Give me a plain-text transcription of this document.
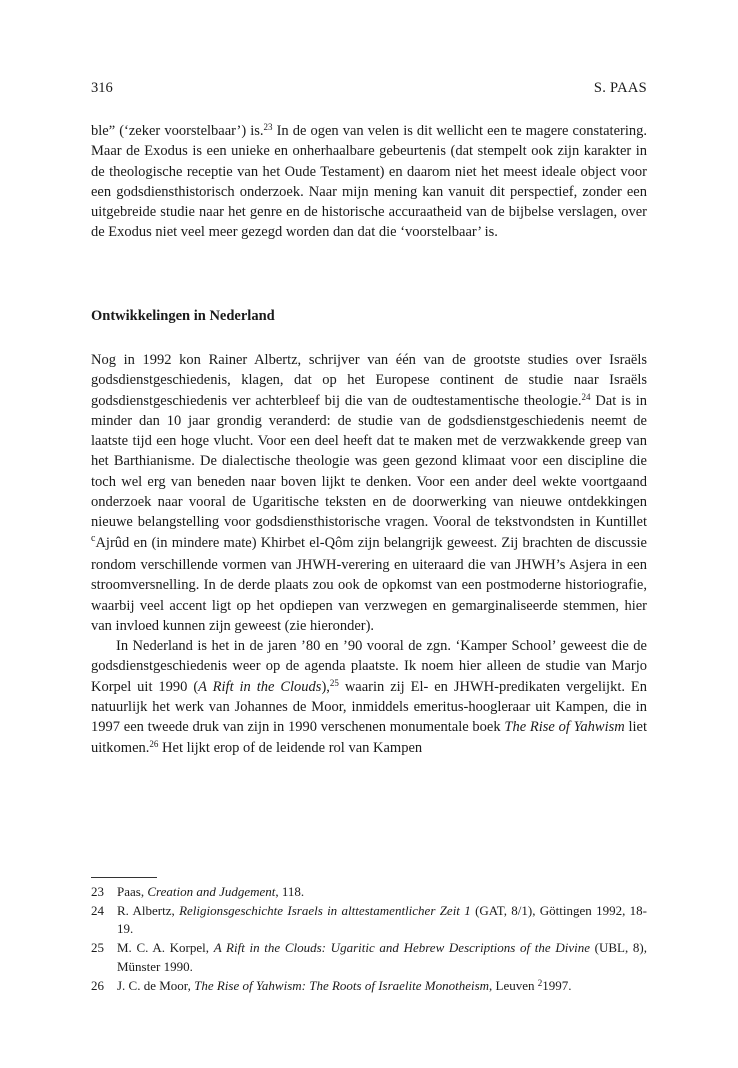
316	S. PAAS

ble” (‘zeker voorstelbaar’) is.$^{23}$ In de ogen van velen is dit wellicht een te magere constatering. Maar de Exodus is een unieke en onherhaalbare gebeurtenis (dat stempelt ook zijn karakter in de theologische receptie van het Oude Testament) en daarom niet het meest ideale object voor een godsdiensthistorisch onderzoek. Naar mijn mening kan vanuit dit perspectief, zonder een uitgebreide studie naar het genre en de historische accuraatheid van de bijbelse verslagen, over de Exodus niet veel meer gezegd worden dan dat die ‘voorstelbaar’ is.

Ontwikkelingen in Nederland

Nog in 1992 kon Rainer Albertz, schrijver van één van de grootste studies over Israëls godsdienstgeschiedenis, klagen, dat op het Europese continent de studie naar Israëls godsdienstgeschiedenis ver achterbleef bij die van de oudtestamentische theologie.$^{24}$ Dat is in minder dan 10 jaar grondig veranderd: de studie van de godsdienstgeschiedenis neemt de laatste tijd een hoge vlucht. Voor een deel heeft dat te maken met de verzwakkende greep van het Barthianisme. De dialectische theologie was geen gezond klimaat voor een discipline die toch wel erg van beneden naar boven lijkt te denken. Voor een ander deel wekte voortgaand onderzoek naar vooral de Ugaritische teksten en de doorwerking van nieuwe ontdekkingen nieuwe belangstelling voor godsdiensthistorische vragen. Vooral de tekstvondsten in Kuntillet $^c$Ajrûd en (in mindere mate) Khirbet el-Qôm zijn belangrijk geweest. Zij brachten de discussie rondom verschillende vormen van JHWH-verering en uiteraard die van JHWH’s Asjera in een stroomversnelling. In de derde plaats zou ook de opkomst van een postmoderne historiografie, waarbij veel accent ligt op het opdiepen van verzwegen en gemarginaliseerde stemmen, hier van invloed kunnen zijn geweest (zie hieronder).

In Nederland is het in de jaren ’80 en ’90 vooral de zgn. ‘Kamper School’ geweest die de godsdienstgeschiedenis weer op de agenda plaatste. Ik noem hier alleen de studie van Marjo Korpel uit 1990 (A Rift in the Clouds),$^{25}$ waarin zij El- en JHWH-predikaten vergelijkt. En natuurlijk het werk van Johannes de Moor, inmiddels emeritus-hoogleraar uit Kampen, die in 1997 een tweede druk van zijn in 1990 verschenen monumentale boek The Rise of Yahwism liet uitkomen.$^{26}$ Het lijkt erop of de leidende rol van Kampen

23 Paas, Creation and Judgement, 118.

24 R. Albertz, Religionsgeschichte Israels in alttestamentlicher Zeit 1 (GAT, 8/1), Göttingen 1992, 18-19.

25 M. C. A. Korpel, A Rift in the Clouds: Ugaritic and Hebrew Descriptions of the Divine (UBL, 8), Münster 1990.

26 J. C. de Moor, The Rise of Yahwism: The Roots of Israelite Monotheism, Leuven $^2$1997.
